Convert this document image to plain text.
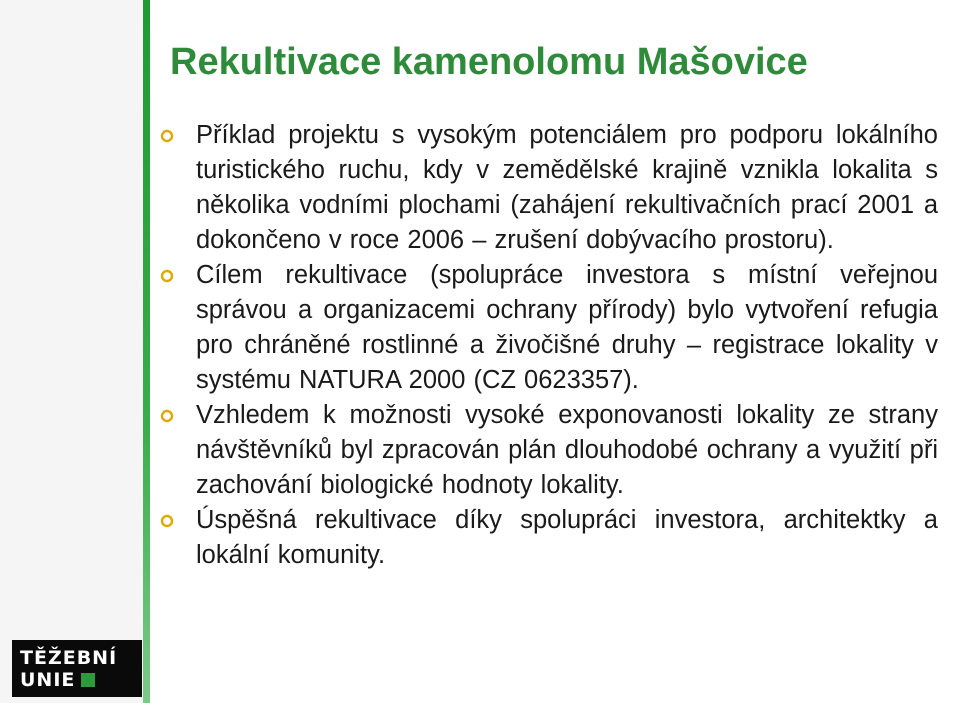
Rekultivace kamenolomu Mašovice
Příklad projektu s vysokým potenciálem pro podporu lokálního turistického ruchu, kdy v zemědělské krajině vznikla lokalita s několika vodními plochami (zahájení rekultivačních prací 2001 a dokončeno v roce 2006 – zrušení dobývacího prostoru).
Cílem rekultivace (spolupráce investora s místní veřejnou správou a organizacemi ochrany přírody) bylo vytvoření refugia pro chráněné rostlinné a živočišné druhy – registrace lokality v systému NATURA 2000 (CZ 0623357).
Vzhledem k možnosti vysoké exponovanosti lokality ze strany návštěvníků byl zpracován plán dlouhodobé ochrany a využití při zachování biologické hodnoty lokality.
Úspěšná rekultivace díky spolupráci investora, architektky a lokální komunity.
TĚŽEBNÍ
UNIE
